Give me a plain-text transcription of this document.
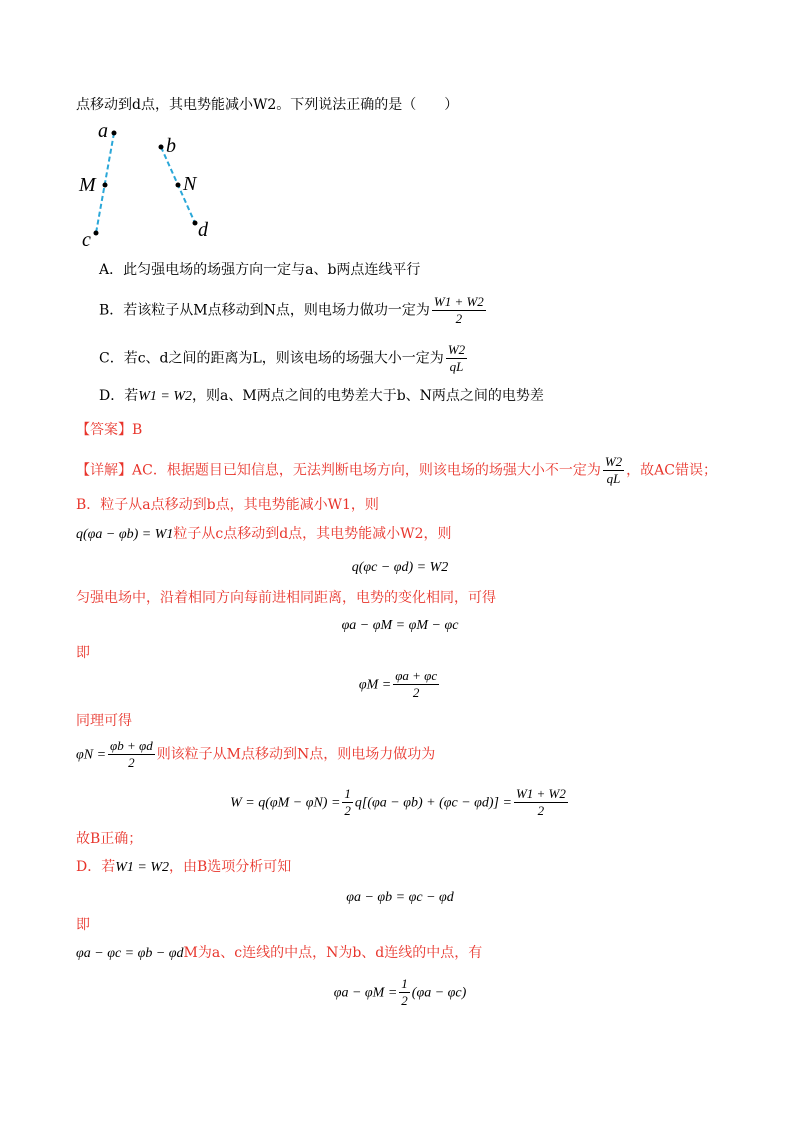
点移动到d点，其电势能减小W2。下列说法正确的是（　　）
a
M
c
b
N
d
A．此匀强电场的场强方向一定与a、b两点连线平行
B．若该粒子从M点移动到N点，则电场力做功一定为 $\frac{W1 + W2}{2}$
C．若c、d之间的距离为L，则该电场的场强大小一定为 $\frac{W2}{qL}$
D．若W1 = W2，则a、M两点之间的电势差大于b、N两点之间的电势差
【答案】B
【详解】AC．根据题目已知信息，无法判断电场方向，则该电场的场强大小不一定为 $\frac{W2}{qL}$ ，故AC错误；
B．粒子从a点移动到b点，其电势能减小W1，则
q(φa − φb) = W1粒子从c点移动到d点，其电势能减小W2，则
q(φc − φd) = W2
匀强电场中，沿着相同方向每前进相同距离，电势的变化相同，可得
φa − φM = φM − φc
即
$\varphi M = \frac{\varphi a + \varphi c}{2}$
同理可得
$\varphi N = \frac{\varphi b + \varphi d}{2}$ 则该粒子从M点移动到N点，则电场力做功为
$W = q(\varphi M - \varphi N) = \frac{1}{2} q[(\varphi a - \varphi b) + (\varphi c - \varphi d)] = \frac{W1 + W2}{2}$
故B正确；
D．若W1 = W2，由B选项分析可知
φa − φb = φc − φd
即
φa − φc = φb − φdM为a、c连线的中点，N为b、d连线的中点，有
$\varphi a - \varphi M = \frac{1}{2} (\varphi a - \varphi c)$
